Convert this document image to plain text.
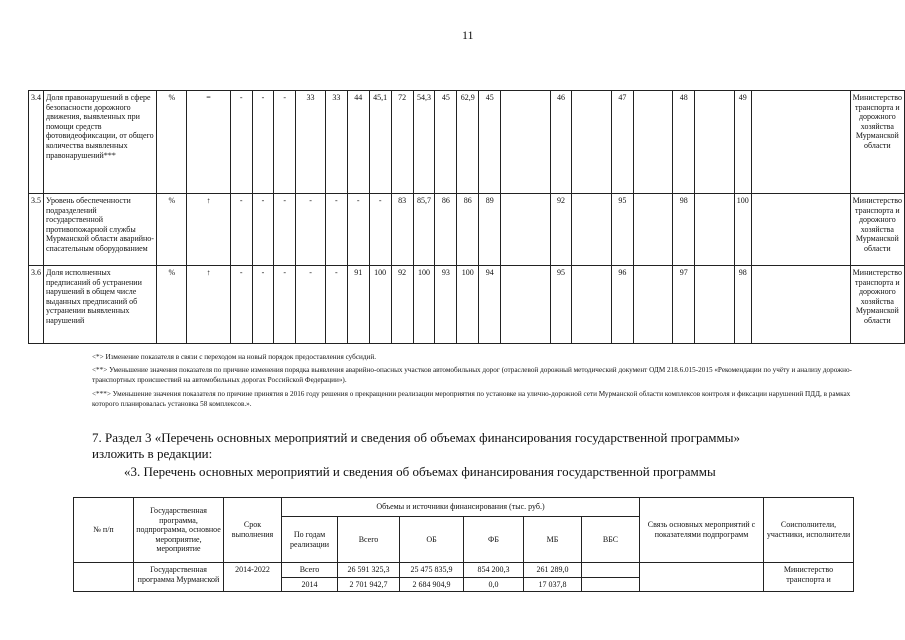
11
3.4	Доля правонарушений в сфере безопасности дорожного движения, выявленных при помощи средств фотовидеофиксации, от общего количества выявленных правонарушений***	%	=	-	-	-	33	33	44	45,1	72	54,3	45	62,9	45		46		47		48		49		Министерство транспорта и дорожного хозяйства Мурманской области
3.5	Уровень обеспеченности подразделений государственной противопожарной службы Мурманской области аварийно-спасательным оборудованием	%	↑	-	-	-	-	-	-	-	83	85,7	86	86	89		92		95		98		100		Министерство транспорта и дорожного хозяйства Мурманской области
3.6	Доля исполненных предписаний об устранении нарушений в общем числе выданных предписаний об устранении выявленных нарушений	%	↑	-	-	-	-	-	91	100	92	100	93	100	94		95		96		97		98		Министерство транспорта и дорожного хозяйства Мурманской области
<*> Изменение показателя в связи с переходом на новый порядок предоставления субсидий.
<**> Уменьшение значения показателя по причине изменения порядка выявления аварийно-опасных участков автомобильных дорог (отраслевой дорожный методический документ ОДМ 218.6.015-2015 «Рекомендации по учёту и анализу дорожно-транспортных происшествий на автомобильных дорогах Российской Федерации»).
<***> Уменьшение значения показателя по причине принятия в 2016 году решения о прекращении реализации мероприятия по установке на улично-дорожной сети Мурманской области комплексов контроля и фиксации нарушений ПДД, в рамках которого планировалась установка 58 комплексов.».
7. Раздел 3 «Перечень основных мероприятий и сведения об объемах финансирования государственной программы»
изложить в редакции:
«3. Перечень основных мероприятий и сведения об объемах финансирования государственной программы
№ п/п	Государственная программа, подпрограмма, основное мероприятие, мероприятие	Срок выполнения	Объемы и источники финансирования (тыс. руб.)						Связь основных мероприятий с показателями подпрограмм	Соисполнители, участники, исполнители
			По годам реализации	Всего	ОБ	ФБ	МБ	ВБС		
	Государственная программа Мурманской	2014-2022	Всего	26 591 325,3	25 475 835,9	854 200,3	261 289,0			Министерство транспорта и
			2014	2 701 942,7	2 684 904,9	0,0	17 037,8			
